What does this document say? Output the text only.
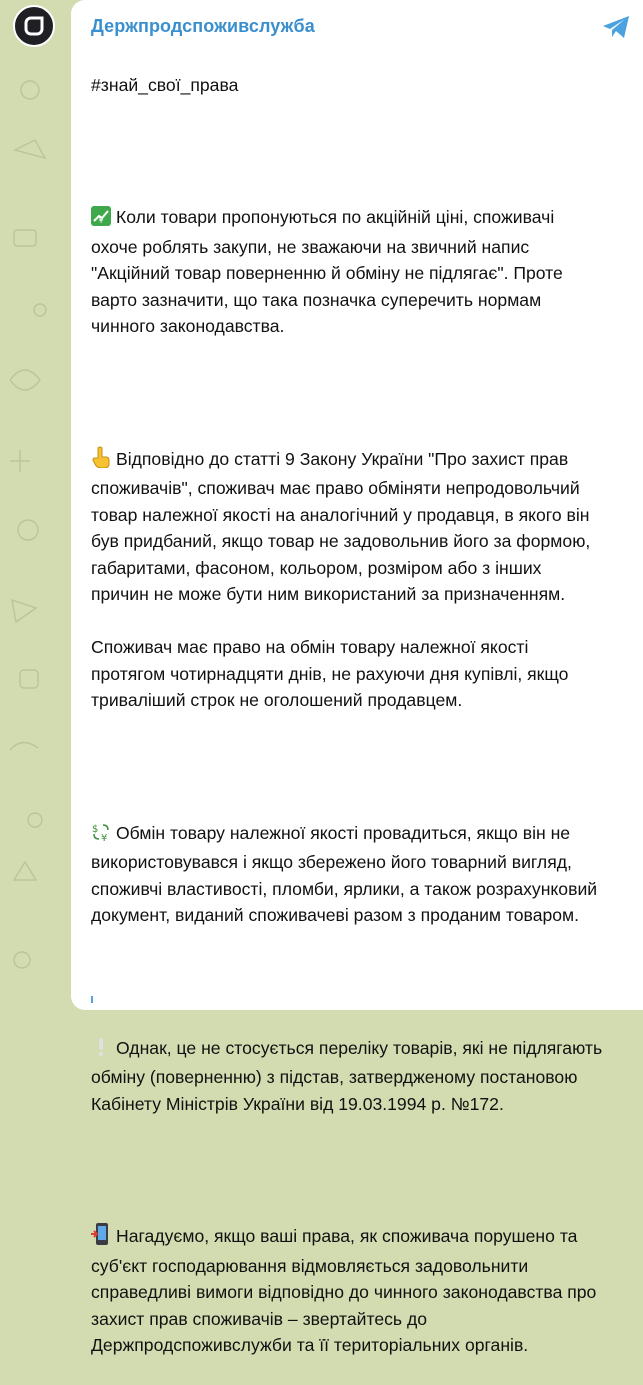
Держпродспоживслужба

#знай_свої_права

¥ Коли товари пропонуються по акційній ціні, споживачі охоче роблять закупи, не зважаючи на звичний напис "Акційний товар поверненню й обміну не підлягає". Проте варто зазначити, що така позначка суперечить нормам чинного законодавства.

Відповідно до статті 9 Закону України "Про захист прав споживачів", споживач має право обміняти непродовольчий товар належної якості на аналогічний у продавця, в якого він був придбаний, якщо товар не задовольнив його за формою, габаритами, фасоном, кольором, розміром або з інших причин не може бути ним використаний за призначенням.

Споживач має право на обмін товару належної якості протягом чотирнадцяти днів, не рахуючи дня купівлі, якщо триваліший строк не оголошений продавцем.

$
¥ Обмін товару належної якості провадиться, якщо він не використовувався і якщо збережено його товарний вигляд, споживчі властивості, пломби, ярлики, а також розрахунковий документ, виданий споживачеві разом з проданим товаром.

Однак, це не стосується переліку товарів, які не підлягають обміну (поверненню) з підстав, затвердженому постановою Кабінету Міністрів України від 19.03.1994 р. №172.

Нагадуємо, якщо ваші права, як споживача порушено та суб'єкт господарювання відмовляється задовольнити справедливі вимоги відповідно до чинного законодавства про захист прав споживачів – звертайтесь до Держпродспоживслужби та її територіальних органів.
